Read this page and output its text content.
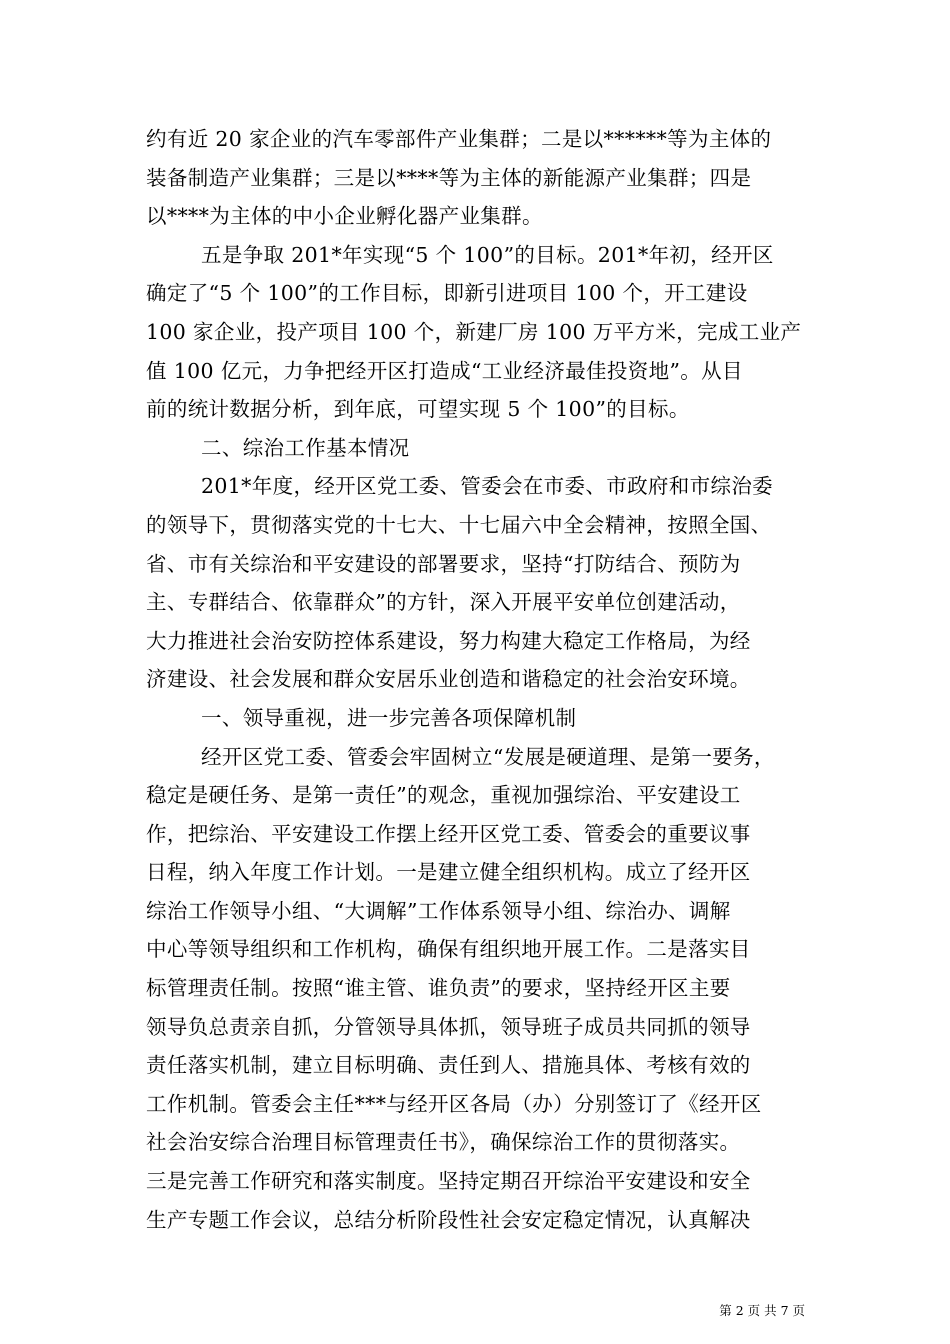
约有近 20 家企业的汽车零部件产业集群；二是以******等为主体的
装备制造产业集群；三是以****等为主体的新能源产业集群；四是
以****为主体的中小企业孵化器产业集群。
五是争取 201*年实现“5 个 100”的目标。201*年初，经开区
确定了“5 个 100”的工作目标，即新引进项目 100 个，开工建设
100 家企业，投产项目 100 个，新建厂房 100 万平方米，完成工业产
值 100 亿元，力争把经开区打造成“工业经济最佳投资地”。从目
前的统计数据分析，到年底，可望实现 5 个 100”的目标。
二、综治工作基本情况
201*年度，经开区党工委、管委会在市委、市政府和市综治委
的领导下，贯彻落实党的十七大、十七届六中全会精神，按照全国、
省、市有关综治和平安建设的部署要求，坚持“打防结合、预防为
主、专群结合、依靠群众”的方针，深入开展平安单位创建活动，
大力推进社会治安防控体系建设，努力构建大稳定工作格局，为经
济建设、社会发展和群众安居乐业创造和谐稳定的社会治安环境。
一、领导重视，进一步完善各项保障机制
经开区党工委、管委会牢固树立“发展是硬道理、是第一要务，
稳定是硬任务、是第一责任”的观念，重视加强综治、平安建设工
作，把综治、平安建设工作摆上经开区党工委、管委会的重要议事
日程，纳入年度工作计划。一是建立健全组织机构。成立了经开区
综治工作领导小组、“大调解”工作体系领导小组、综治办、调解
中心等领导组织和工作机构，确保有组织地开展工作。二是落实目
标管理责任制。按照“谁主管、谁负责”的要求，坚持经开区主要
领导负总责亲自抓，分管领导具体抓，领导班子成员共同抓的领导
责任落实机制，建立目标明确、责任到人、措施具体、考核有效的
工作机制。管委会主任***与经开区各局（办）分别签订了《经开区
社会治安综合治理目标管理责任书》，确保综治工作的贯彻落实。
三是完善工作研究和落实制度。坚持定期召开综治平安建设和安全
生产专题工作会议，总结分析阶段性社会安定稳定情况，认真解决
第 2 页 共 7 页
